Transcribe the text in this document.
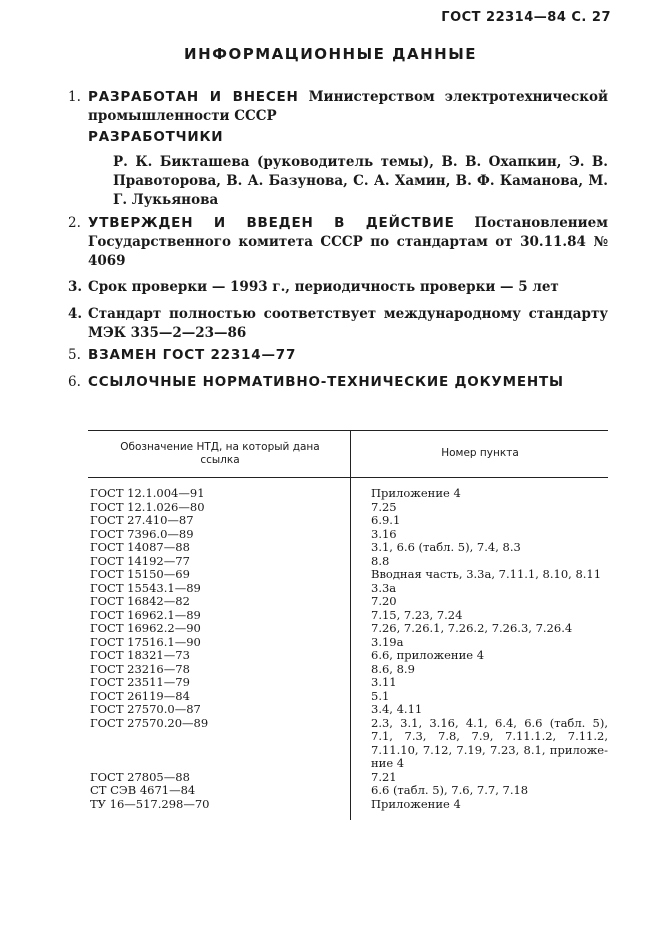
ГОСТ 22314—84 С. 27
ИНФОРМАЦИОННЫЕ ДАННЫЕ
1. РАЗРАБОТАН И ВНЕСЕН Министерством электротехнической промышленности СССР
РАЗРАБОТЧИКИ
Р. К. Бикташева (руководитель темы), В. В. Охапкин, Э. В. Правоторова, В. А. Базунова, С. А. Хамин, В. Ф. Каманова, М. Г. Лукьянова
2. УТВЕРЖДЕН И ВВЕДЕН В ДЕЙСТВИЕ Постановлением Государственного комитета СССР по стандартам от 30.11.84 № 4069
3. Срок проверки — 1993 г., периодичность проверки — 5 лет
4. Стандарт полностью соответствует международному стандарту МЭК 335—2—23—86
5. ВЗАМЕН ГОСТ 22314—77
6. ССЫЛОЧНЫЕ НОРМАТИВНО-ТЕХНИЧЕСКИЕ ДОКУМЕНТЫ
Обозначение НТД, на который дана ссылка
Номер пункта
ГОСТ 12.1.004—91	Приложение 4
ГОСТ 12.1.026—80	7.25
ГОСТ 27.410—87	6.9.1
ГОСТ 7396.0—89	3.16
ГОСТ 14087—88	3.1, 6.6 (табл. 5), 7.4, 8.3
ГОСТ 14192—77	8.8
ГОСТ 15150—69	Вводная часть, 3.3а, 7.11.1, 8.10, 8.11
ГОСТ 15543.1—89	3.3а
ГОСТ 16842—82	7.20
ГОСТ 16962.1—89	7.15, 7.23, 7.24
ГОСТ 16962.2—90	7.26, 7.26.1, 7.26.2, 7.26.3, 7.26.4
ГОСТ 17516.1—90	3.19а
ГОСТ 18321—73	6.6, приложение 4
ГОСТ 23216—78	8.6, 8.9
ГОСТ 23511—79	3.11
ГОСТ 26119—84	5.1
ГОСТ 27570.0—87	3.4, 4.11
ГОСТ 27570.20—89	2.3, 3.1, 3.16, 4.1, 6.4, 6.6 (табл. 5), 7.1, 7.3, 7.8, 7.9, 7.11.1.2, 7.11.2, 7.11.10, 7.12, 7.19, 7.23, 8.1, приложение 4
ГОСТ 27805—88	7.21
СТ СЭВ 4671—84	6.6 (табл. 5), 7.6, 7.7, 7.18
ТУ 16—517.298—70	Приложение 4
